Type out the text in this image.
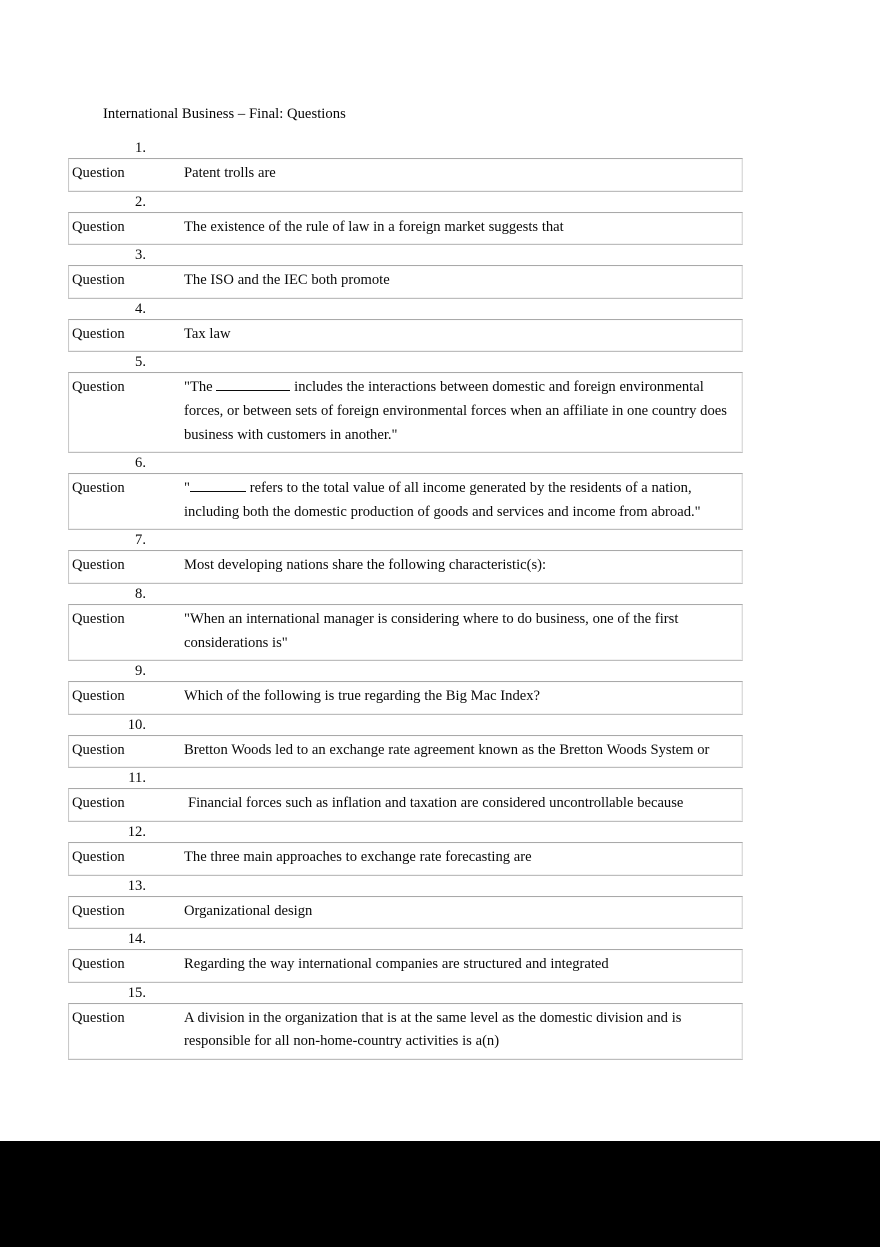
International Business – Final: Questions
1.
Question	Patent trolls are
2.
Question	The existence of the rule of law in a foreign market suggests that
3.
Question	The ISO and the IEC both promote
4.
Question	Tax law
5.
Question	"The	includes the interactions between domestic and foreign environmental forces, or between sets of foreign environmental forces when an affiliate in one country does business with customers in another."
6.
Question	"	refers to the total value of all income generated by the residents of a nation, including both the domestic production of goods and services and income from abroad."
7.
Question	Most developing nations share the following characteristic(s):
8.
Question	"When an international manager is considering where to do business, one of the first considerations is"
9.
Question	Which of the following is true regarding the Big Mac Index?
10.
Question	Bretton Woods led to an exchange rate agreement known as the Bretton Woods System or
11.
Question	Financial forces such as inflation and taxation are considered uncontrollable because
12.
Question	The three main approaches to exchange rate forecasting are
13.
Question	Organizational design
14.
Question	Regarding the way international companies are structured and integrated
15.
Question	A division in the organization that is at the same level as the domestic division and is responsible for all non-home-country activities is a(n)
